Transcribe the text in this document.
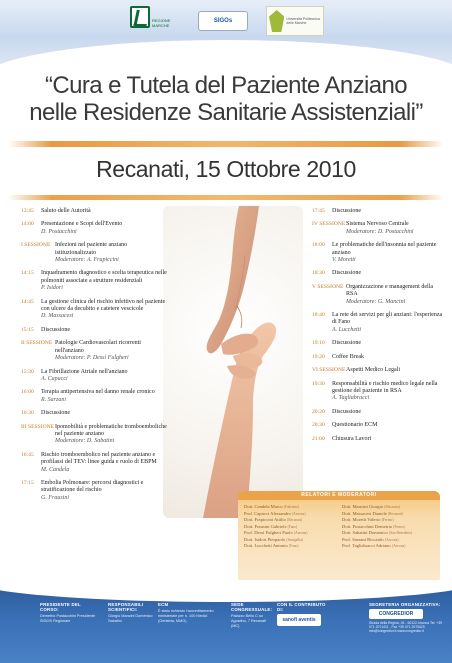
REGIONE MARCHE
SIGOs	Università Politecnica delle Marche
“Cura e Tutela del Paziente Anziano
nelle Residenze Sanitarie Assistenziali”
Recanati, 15 Ottobre 2010
13:45	Saluto delle Autorità
14:00	Presentazione e Scopi dell'Evento
D. Postacchini
I SESSIONE Infezioni nel paziente anziano istituzionalizzato
Moderatore: A. Frapiccini
14:15	Inquadramento diagnostico e scelta terapeutica nelle polmoniti associate a strutture residenziali
P. Isidori
14:45	La gestione clinica del rischio infettivo nel paziente con ulcere da decubito e catetere vescicole
D. Massacesi
15:15	Discussione
II SESSIONE Patologie Cardiovascolari ricorrenti nell'anziano
Moderatore: P. Dessì Fulgheri
15:30	La Fibrillazione Atriale nell'anziano
A. Capucci
16:00	Terapia antipertensiva nel danno renale cronico
R. Sarzani
16:30	Discussione
III SESSIONE Ipomobilità e problematiche tromboemboliche nel paziente anziano
Moderatore: D. Sabatini
16:45	Rischio tromboembolico nel paziente anziano e profilassi del TEV: linee guida e ruolo di EBPM
M. Candela
17:15	Embolia Polmonare: percorsi diagnostici e stratificazione del rischio
G. Frausini
17:45	Discussione
IV SESSIONE Sistema Nervoso Centrale
Moderatore: D. Postacchini
18:00	Le problematiche dell'insonnia nel paziente anziano
V. Moretti
18:30	Discussione
V SESSIONE Organizzazione e management della RSA
Moderatore: G. Mancini
18:40	La rete dei servizi per gli anziani: l'esperienza di Fano
A. Lucchetti
19:10	Discussione
19:20	Coffee Break
VI SESSIONE Aspetti Medico Legali
19:30	Responsabilità e rischio medico legale nella gestione del paziente in RSA
A. Tagliabracci
20:20	Discussione
20:30	Questionario ECM
21:00	Chiusura Lavori
RELATORI E MODERATORI
Dott. Candela Marco (Fabriano)
Prof. Capucci Alessandro (Ancona)
Dott. Frapiccini Attilio (Recanati)
Dott. Frausini Gabriele (Fano)
Prof. Dessì Fulgheri Paolo (Ancona)
Dott. Isidori Pierpaolo (Senigallia)
Dott. Lucchetti Antonio (Fano)
Dott. Mancini Giorgio (Macerata)
Dott. Massacesi Daniele (Recanati)
Dott. Moretti Valerio (Fermo)
Dott. Postacchini Demetrio (Fermo)
Dott. Sabatini Domenico (San Benedetto)
Prof. Sarzani Riccardo (Ancona)
Prof. Tagliabracci Adriano (Ancona)
PRESIDENTE DEL CORSO:
Demetrio Postacchini Presidente SIGOS Regionale
RESPONSABILI SCIENTIFICI:
Giorgio Mancini Domenico Sabatini
ECM
È stato richiesto l'accreditamento ministeriale per n. 100 Medici (Geriatria, MMG)
SEDE CONGRESSUALE:
Palazzo Bello C.so Agostino, 7 Recanati (MC)
CON IL CONTRIBUTO DI:
sanofi aventis
SEGRETERIA ORGANIZZATIVA:
CONGREDIOR
Strada della Regina, 26 - 60122 Ancona Tel. +39 071 2071411 - Fax +39 071 2075629 info@congredior.it www.congredior.it
